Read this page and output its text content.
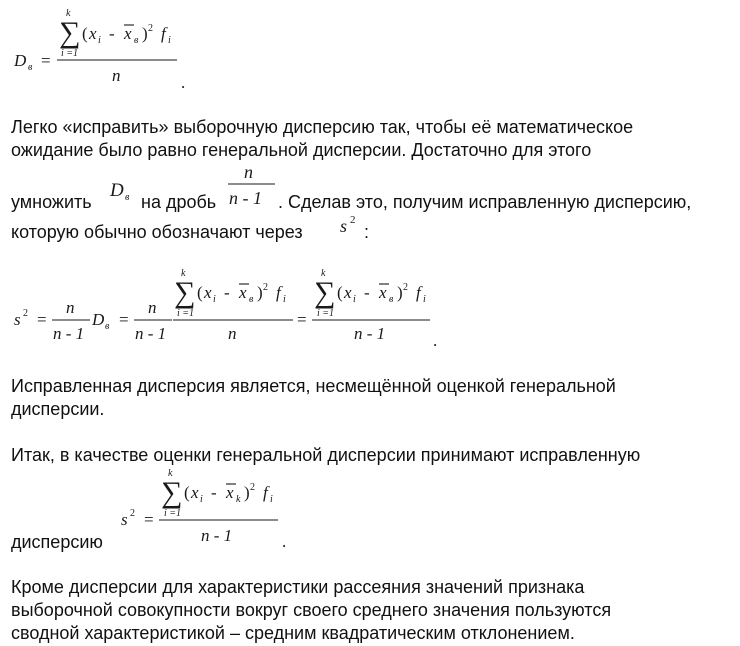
D в =
k
∑
i =1
( x i - x в ) 2 f i
n	.

Легко «исправить» выборочную дисперсию так, чтобы её математическое

ожидание было равно генеральной дисперсии. Достаточно для этого

умножить
D в на дробь
n
n - 1 . Сделав это, получим исправленную дисперсию,
которую обычно обозначают через s 2
:
s 2 =
n
n - 1
D в =
n
n - 1
k
∑
i =1
( x i - x в ) 2 f i
n
=
k
∑
i =1
( x i - x в ) 2 f i
n - 1	.

Исправленная дисперсия является, несмещённой оценкой генеральной

дисперсии.

Итак, в качестве оценки генеральной дисперсии принимают исправленную

дисперсию
s 2 =
k
∑
i =1
( x i - x k ) 2 f i
n - 1	.

Кроме дисперсии для характеристики рассеяния значений признака

выборочной совокупности вокруг своего среднего значения пользуются

сводной характеристикой – средним квадратическим отклонением.
